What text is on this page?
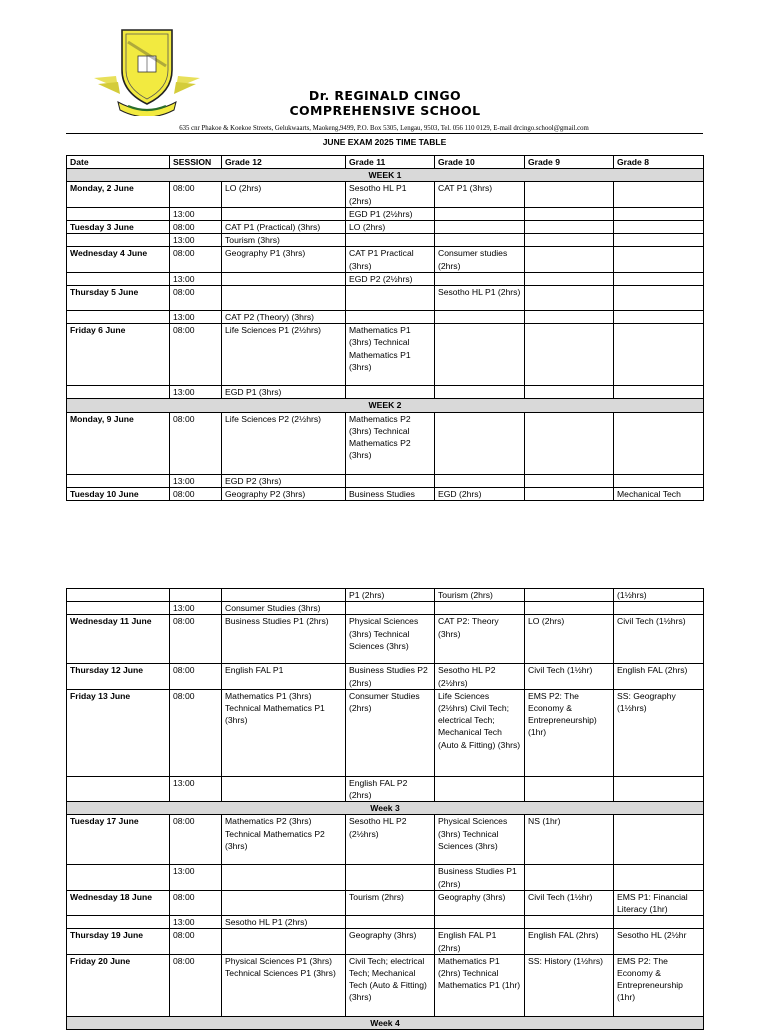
Dr. REGINALD CINGO
COMPREHENSIVE SCHOOL
635 cnr Phakoe & Koekoe Streets, Gelukwaarts, Maokeng,9499, P.O. Box 5305, Lengau, 9503, Tel. 056 110 0129, E-mail drcingo.school@gmail.com
JUNE EXAM 2025 TIME TABLE
Date	SESSION	Grade 12	Grade 11	Grade 10	Grade 9	Grade 8
WEEK 1						
Monday, 2 June	08:00	LO (2hrs)	Sesotho HL P1 (2hrs)	CAT P1 (3hrs)		
	13:00		EGD P1 (2½hrs)			
Tuesday 3 June	08:00	CAT P1 (Practical) (3hrs)	LO (2hrs)			
	13:00	Tourism (3hrs)				
Wednesday 4 June	08:00	Geography P1 (3hrs)	CAT P1 Practical (3hrs)	Consumer studies (2hrs)		
	13:00		EGD P2 (2½hrs)			
Thursday 5 June	08:00			Sesotho HL P1 (2hrs)		
	13:00	CAT P2 (Theory) (3hrs)				
Friday 6 June	08:00	Life Sciences P1 (2½hrs)	Mathematics P1 (3hrs) Technical Mathematics P1 (3hrs)			
	13:00	EGD P1 (3hrs)				
WEEK 2						
Monday, 9 June	08:00	Life Sciences P2 (2½hrs)	Mathematics P2 (3hrs) Technical Mathematics P2 (3hrs)			
	13:00	EGD P2 (3hrs)				
Tuesday 10 June	08:00	Geography P2 (3hrs)	Business Studies	EGD (2hrs)		Mechanical Tech
			P1 (2hrs)	Tourism (2hrs)		(1½hrs)
	13:00	Consumer Studies (3hrs)				
Wednesday 11 June	08:00	Business Studies P1 (2hrs)	Physical Sciences (3hrs) Technical Sciences (3hrs)	CAT P2: Theory (3hrs)	LO (2hrs)	Civil Tech (1½hrs)
Thursday 12 June	08:00	English FAL P1	Business Studies P2 (2hrs)	Sesotho HL P2 (2½hrs)	Civil Tech (1½hr)	English FAL (2hrs)
Friday 13 June	08:00	Mathematics P1 (3hrs) Technical Mathematics P1 (3hrs)	Consumer Studies (2hrs)	Life Sciences (2½hrs) Civil Tech; electrical Tech; Mechanical Tech (Auto & Fitting) (3hrs)	EMS P2: The Economy & Entrepreneurship) (1hr)	SS: Geography (1½hrs)
	13:00		English FAL P2 (2hrs)			
Week 3						
Tuesday 17 June	08:00	Mathematics P2 (3hrs) Technical Mathematics P2 (3hrs)	Sesotho HL P2 (2½hrs)	Physical Sciences (3hrs) Technical Sciences (3hrs)	NS (1hr)	
	13:00			Business Studies P1 (2hrs)		
Wednesday 18 June	08:00		Tourism (2hrs)	Geography (3hrs)	Civil Tech (1½hr)	EMS P1: Financial Literacy (1hr)
	13:00	Sesotho HL P1 (2hrs)				
Thursday 19 June	08:00		Geography (3hrs)	English FAL P1 (2hrs)	English FAL (2hrs)	Sesotho HL (2½hr
Friday 20 June	08:00	Physical Sciences P1 (3hrs) Technical Sciences P1 (3hrs)	Civil Tech; electrical Tech; Mechanical Tech (Auto & Fitting) (3hrs)	Mathematics P1 (2hrs) Technical Mathematics P1 (1hr)	SS: History (1½hrs)	EMS P2: The Economy & Entrepreneurship (1hr)
Week 4						
